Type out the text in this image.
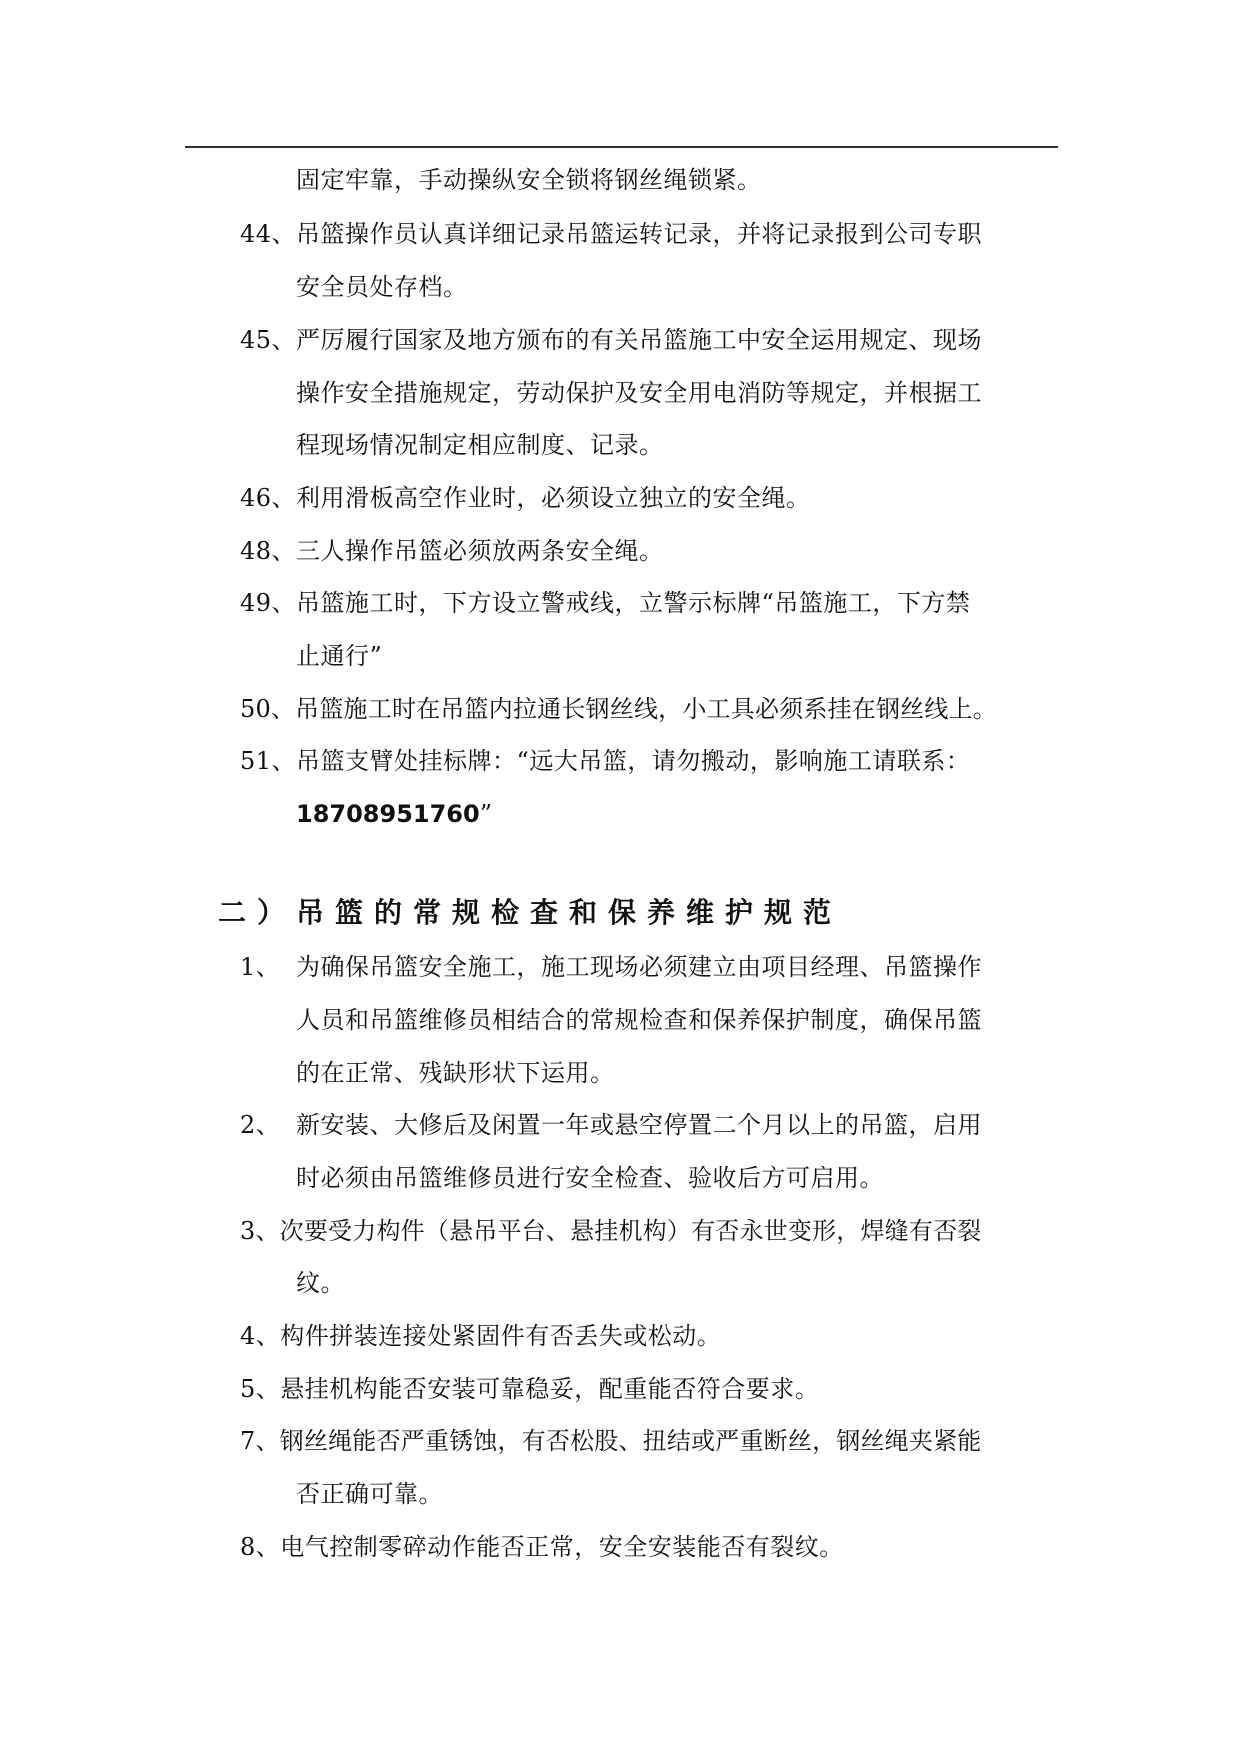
固定牢靠，手动操纵安全锁将钢丝绳锁紧。
44、吊篮操作员认真详细记录吊篮运转记录，并将记录报到公司专职
安全员处存档。
45、严厉履行国家及地方颁布的有关吊篮施工中安全运用规定、现场
操作安全措施规定，劳动保护及安全用电消防等规定，并根据工
程现场情况制定相应制度、记录。
46、利用滑板高空作业时，必须设立独立的安全绳。
48、三人操作吊篮必须放两条安全绳。
49、吊篮施工时，下方设立警戒线，立警示标牌“吊篮施工，下方禁
止通行”
50、吊篮施工时在吊篮内拉通长钢丝线，小工具必须系挂在钢丝线上。
51、吊篮支臂处挂标牌：“远大吊篮，请勿搬动，影响施工请联系：
18708951760”
二）吊篮的常规检查和保养维护规范
1、 为确保吊篮安全施工，施工现场必须建立由项目经理、吊篮操作
人员和吊篮维修员相结合的常规检查和保养保护制度，确保吊篮
的在正常、残缺形状下运用。
2、 新安装、大修后及闲置一年或悬空停置二个月以上的吊篮，启用
时必须由吊篮维修员进行安全检查、验收后方可启用。
3、次要受力构件（悬吊平台、悬挂机构）有否永世变形，焊缝有否裂
纹。
4、构件拼装连接处紧固件有否丢失或松动。
5、悬挂机构能否安装可靠稳妥，配重能否符合要求。
7、钢丝绳能否严重锈蚀，有否松股、扭结或严重断丝，钢丝绳夹紧能
否正确可靠。
8、电气控制零碎动作能否正常，安全安装能否有裂纹。
